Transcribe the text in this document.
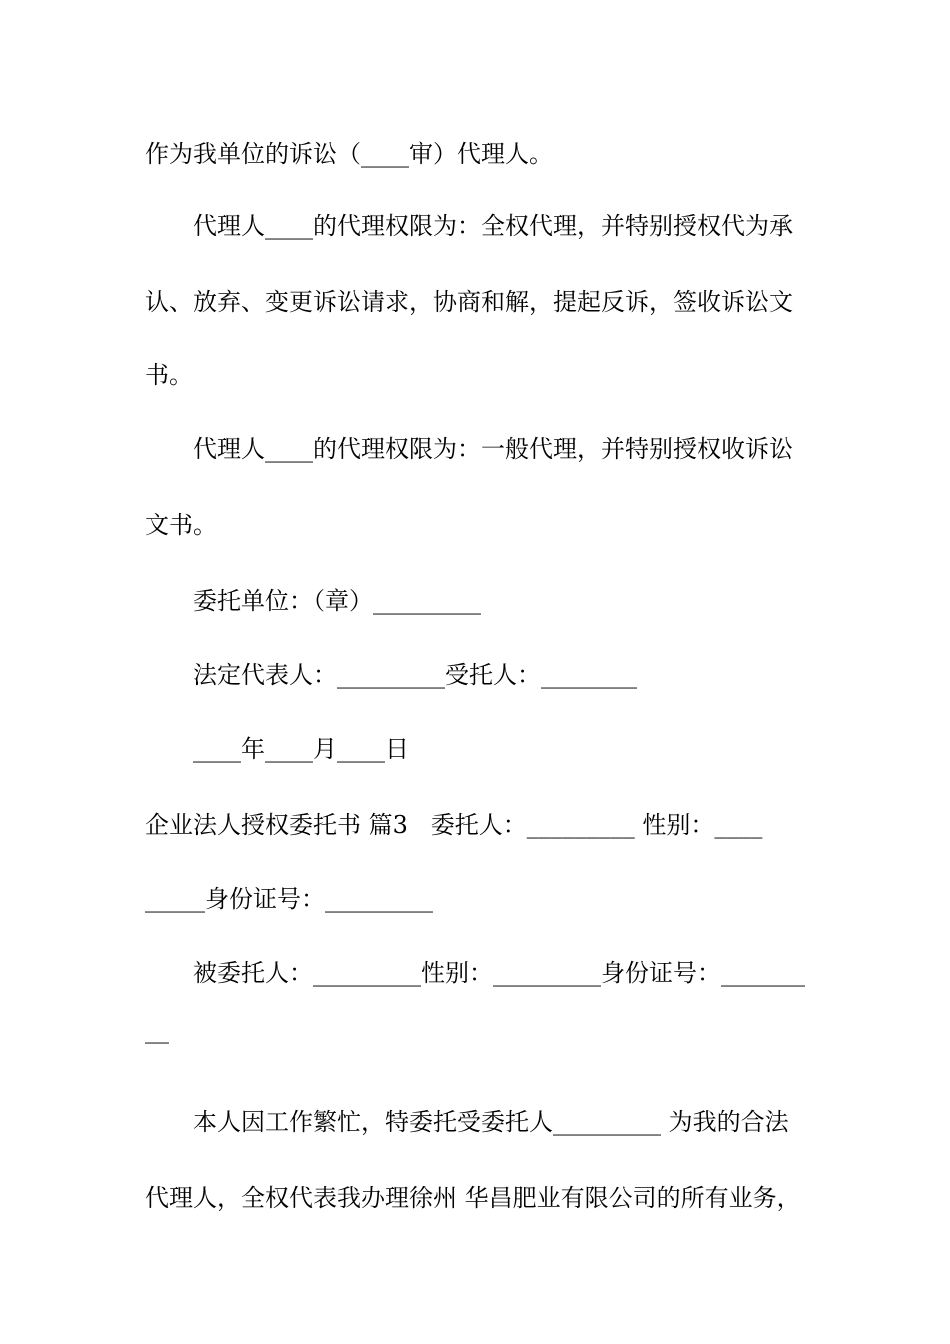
作为我单位的诉讼（____审）代理人。

代理人____的代理权限为：全权代理，并特别授权代为承

认、放弃、变更诉讼请求，协商和解，提起反诉，签收诉讼文

书。

代理人____的代理权限为：一般代理，并特别授权收诉讼

文书。

委托单位：（章）_________

法定代表人：_________受托人：________

____年____月____日

企业法人授权委托书 篇3   委托人：_________ 性别：____

_____身份证号：_________

被委托人：_________性别：_________身份证号：_______

__

本人因工作繁忙，特委托受委托人_________ 为我的合法

代理人，全权代表我办理徐州 华昌肥业有限公司的所有业务，
